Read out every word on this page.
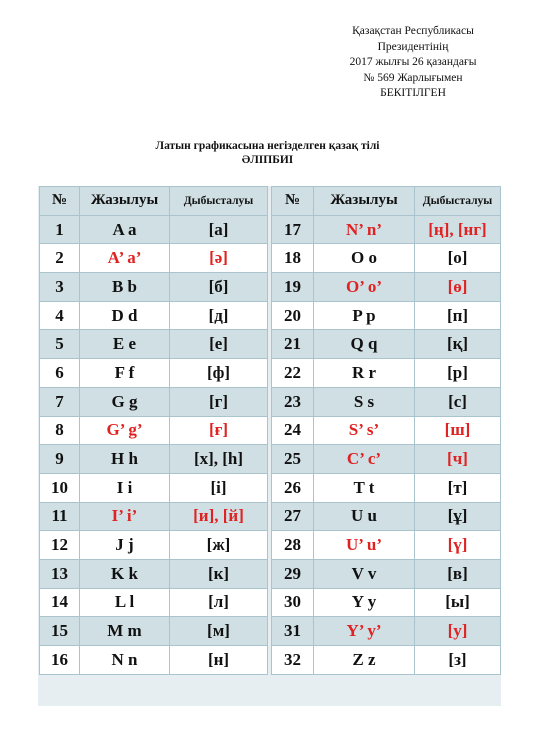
Қазақстан Республикасы
Президентінің
2017 жылғы 26 қазандағы
№ 569 Жарлығымен
БЕКІТІЛГЕН
Латын графикасына негізделген қазақ тілі
ӘЛІПБИІ
№	Жазылуы	Дыбысталуы
1	A a	[а]
2	A’ a’	[ә]
3	B b	[б]
4	D d	[д]
5	E e	[е]
6	F f	[ф]
7	G g	[г]
8	G’ g’	[ғ]
9	H h	[х], [h]
10	I i	[і]
11	I’ i’	[и], [й]
12	J j	[ж]
13	K k	[к]
14	L l	[л]
15	M m	[м]
16	N n	[н]
№	Жазылуы	Дыбысталуы
17	N’ n’	[ң], [нг]
18	O o	[о]
19	O’ o’	[ө]
20	P p	[п]
21	Q q	[қ]
22	R r	[р]
23	S s	[с]
24	S’ s’	[ш]
25	C’ c’	[ч]
26	T t	[т]
27	U u	[ұ]
28	U’ u’	[ү]
29	V v	[в]
30	Y y	[ы]
31	Y’ y’	[у]
32	Z z	[з]
